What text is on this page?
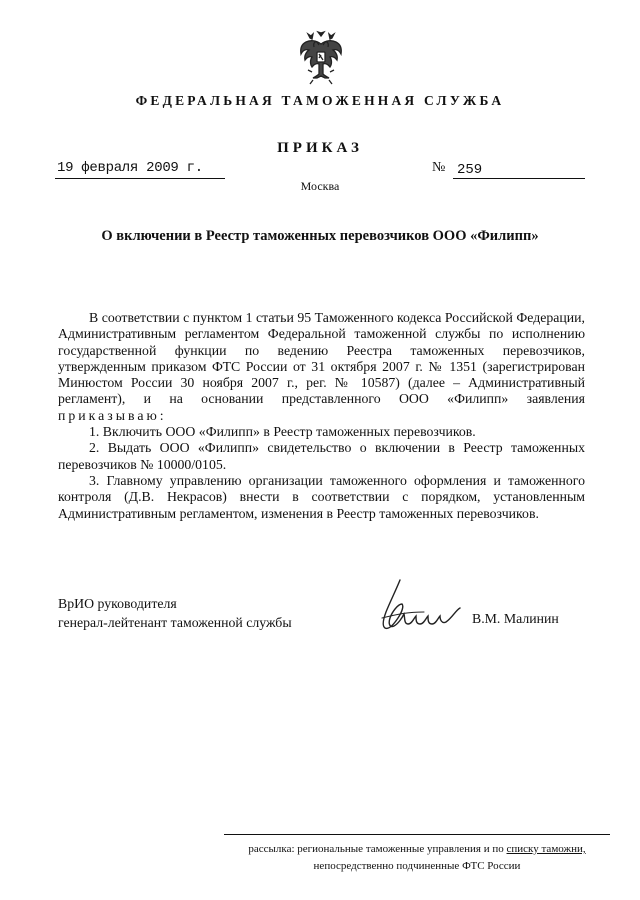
ФЕДЕРАЛЬНАЯ ТАМОЖЕННАЯ СЛУЖБА
ПРИКАЗ
19 февраля 2009 г.	№ 259
Москва
О включении в Реестр таможенных перевозчиков ООО «Филипп»

В соответствии с пунктом 1 статьи 95 Таможенного кодекса Российской Федерации, Административным регламентом Федеральной таможенной службы по исполнению государственной функции по ведению Реестра таможенных перевозчиков, утвержденным приказом ФТС России от 31 октября 2007 г. № 1351 (зарегистрирован Минюстом России 30 ноября 2007 г., рег. № 10587) (далее – Административный регламент), и на основании представленного ООО «Филипп» заявления приказываю:

1. Включить ООО «Филипп» в Реестр таможенных перевозчиков.

2. Выдать ООО «Филипп» свидетельство о включении в Реестр таможенных перевозчиков № 10000/0105.

3. Главному управлению организации таможенного оформления и таможенного контроля (Д.В. Некрасов) внести в соответствии с порядком, установленным Административным регламентом, изменения в Реестр таможенных перевозчиков.

ВрИО руководителя
генерал-лейтенант таможенной службы	В.М. Малинин
рассылка: региональные таможенные управления и по списку таможни,
непосредственно подчиненные ФТС России
